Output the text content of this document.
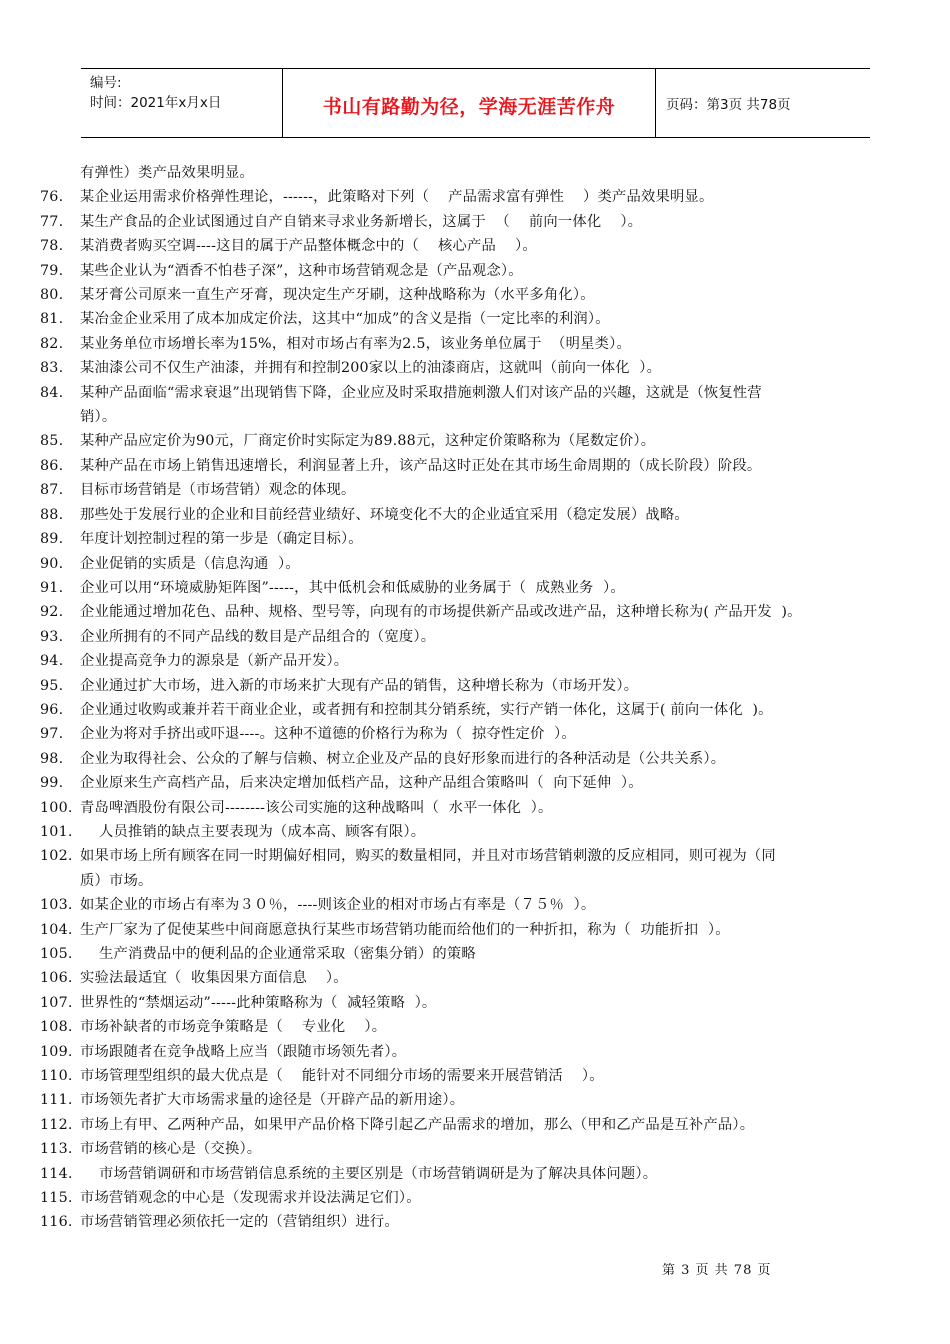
编号:
时间：2021年x月x日	书山有路勤为径，学海无涯苦作舟	页码：第3页 共78页
有弹性）类产品效果明显。
76.	某企业运用需求价格弹性理论，------，此策略对下列（    产品需求富有弹性    ）类产品效果明显。
77.	某生产食品的企业试图通过自产自销来寻求业务新增长，这属于  （    前向一体化    ）。
78.	某消费者购买空调----这目的属于产品整体概念中的（    核心产品    ）。
79.	某些企业认为“酒香不怕巷子深”，这种市场营销观念是（产品观念）。
80.	某牙膏公司原来一直生产牙膏，现决定生产牙刷，这种战略称为（水平多角化）。
81.	某冶金企业采用了成本加成定价法，这其中“加成”的含义是指（一定比率的利润）。
82.	某业务单位市场增长率为15%，相对市场占有率为2.5，该业务单位属于  （明星类）。
83.	某油漆公司不仅生产油漆，并拥有和控制200家以上的油漆商店，这就叫（前向一体化  ）。
84.	某种产品面临“需求衰退”出现销售下降，企业应及时采取措施刺激人们对该产品的兴趣，这就是（恢复性营
销）。
85.	某种产品应定价为90元，厂商定价时实际定为89.88元，这种定价策略称为（尾数定价）。
86.	某种产品在市场上销售迅速增长，利润显著上升，该产品这时正处在其市场生命周期的（成长阶段）阶段。
87.	目标市场营销是（市场营销）观念的体现。
88.	那些处于发展行业的企业和目前经营业绩好、环境变化不大的企业适宜采用（稳定发展）战略。
89.	年度计划控制过程的第一步是（确定目标）。
90.	企业促销的实质是（信息沟通  ）。
91.	企业可以用“环境威胁矩阵图”-----，其中低机会和低威胁的业务属于（  成熟业务  ）。
92.	企业能通过增加花色、品种、规格、型号等，向现有的市场提供新产品或改进产品，这种增长称为( 产品开发  )。
93.	企业所拥有的不同产品线的数目是产品组合的（宽度）。
94.	企业提高竞争力的源泉是（新产品开发）。
95.	企业通过扩大市场，进入新的市场来扩大现有产品的销售，这种增长称为（市场开发）。
96.	企业通过收购或兼并若干商业企业，或者拥有和控制其分销系统，实行产销一体化，这属于( 前向一体化  )。
97.	企业为将对手挤出或吓退----。这种不道德的价格行为称为（  掠夺性定价  ）。
98.	企业为取得社会、公众的了解与信赖、树立企业及产品的良好形象而进行的各种活动是（公共关系）。
99.	企业原来生产高档产品，后来决定增加低档产品，这种产品组合策略叫（  向下延伸  ）。
100. 青岛啤酒股份有限公司--------该公司实施的这种战略叫（  水平一体化  ）。
101. 人员推销的缺点主要表现为（成本高、顾客有限）。
102. 如果市场上所有顾客在同一时期偏好相同，购买的数量相同，并且对市场营销刺激的反应相同，则可视为（同
质）市场。
103. 如某企业的市场占有率为３０％，----则该企业的相对市场占有率是（７５％  ）。
104. 生产厂家为了促使某些中间商愿意执行某些市场营销功能而给他们的一种折扣，称为（  功能折扣  ）。
105. 生产消费品中的便利品的企业通常采取（密集分销）的策略
106. 实验法最适宜（  收集因果方面信息    ）。
107. 世界性的“禁烟运动”-----此种策略称为（  减轻策略  ）。
108. 市场补缺者的市场竞争策略是（    专业化    ）。
109. 市场跟随者在竞争战略上应当（跟随市场领先者）。
110. 市场管理型组织的最大优点是（    能针对不同细分市场的需要来开展营销活    ）。
111. 市场领先者扩大市场需求量的途径是（开辟产品的新用途）。
112. 市场上有甲、乙两种产品，如果甲产品价格下降引起乙产品需求的增加，那么（甲和乙产品是互补产品）。
113. 市场营销的核心是（交换）。
114. 市场营销调研和市场营销信息系统的主要区别是（市场营销调研是为了解决具体问题）。
115. 市场营销观念的中心是（发现需求并设法满足它们）。
116. 市场营销管理必须依托一定的（营销组织）进行。
第 3 页 共 78 页
